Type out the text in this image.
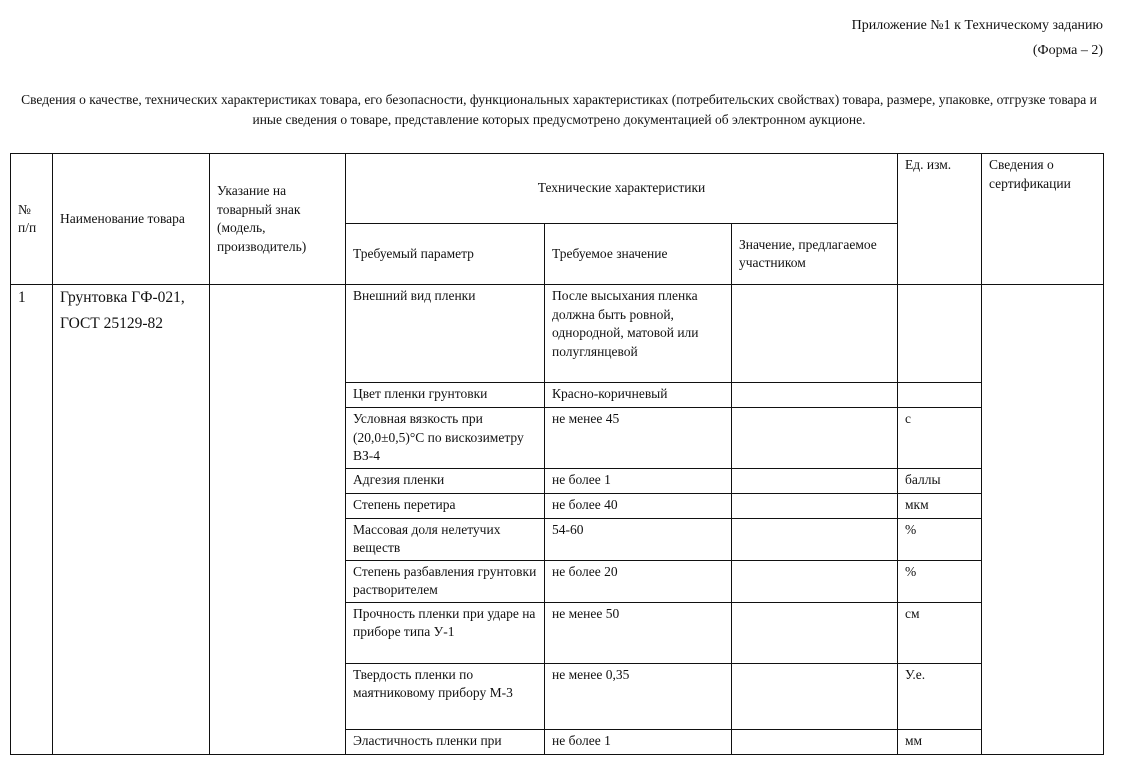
Приложение №1 к Техническому заданию
(Форма – 2)
Сведения о качестве, технических характеристиках товара, его безопасности, функциональных характеристиках (потребительских свойствах) товара, размере, упаковке, отгрузке товара и иные сведения о товаре, представление которых предусмотрено документацией об электронном аукционе.
№ п/п	Наименование товара	Указание на товарный знак (модель, производитель)	Технические характеристики			Ед. изм.	Сведения о сертификации
			Требуемый параметр	Требуемое значение	Значение, предлагаемое участником		
1	Грунтовка ГФ-021,
ГОСТ 25129-82		Внешний вид пленки	После высыхания пленка должна быть ровной, однородной, матовой или полуглянцевой			
			Цвет пленки грунтовки	Красно-коричневый			
			Условная вязкость при (20,0±0,5)°С по вискозиметру ВЗ-4	не менее 45		с	
			Адгезия пленки	не более 1		баллы	
			Степень перетира	не более 40		мкм	
			Массовая доля нелетучих веществ	54-60		%	
			Степень разбавления грунтовки растворителем	не более 20		%	
			Прочность пленки при ударе на приборе типа У-1	не менее 50		см	
			Твердость пленки по маятниковому прибору М-3	не менее 0,35		У.е.	
			Эластичность пленки при	не более 1		мм	
